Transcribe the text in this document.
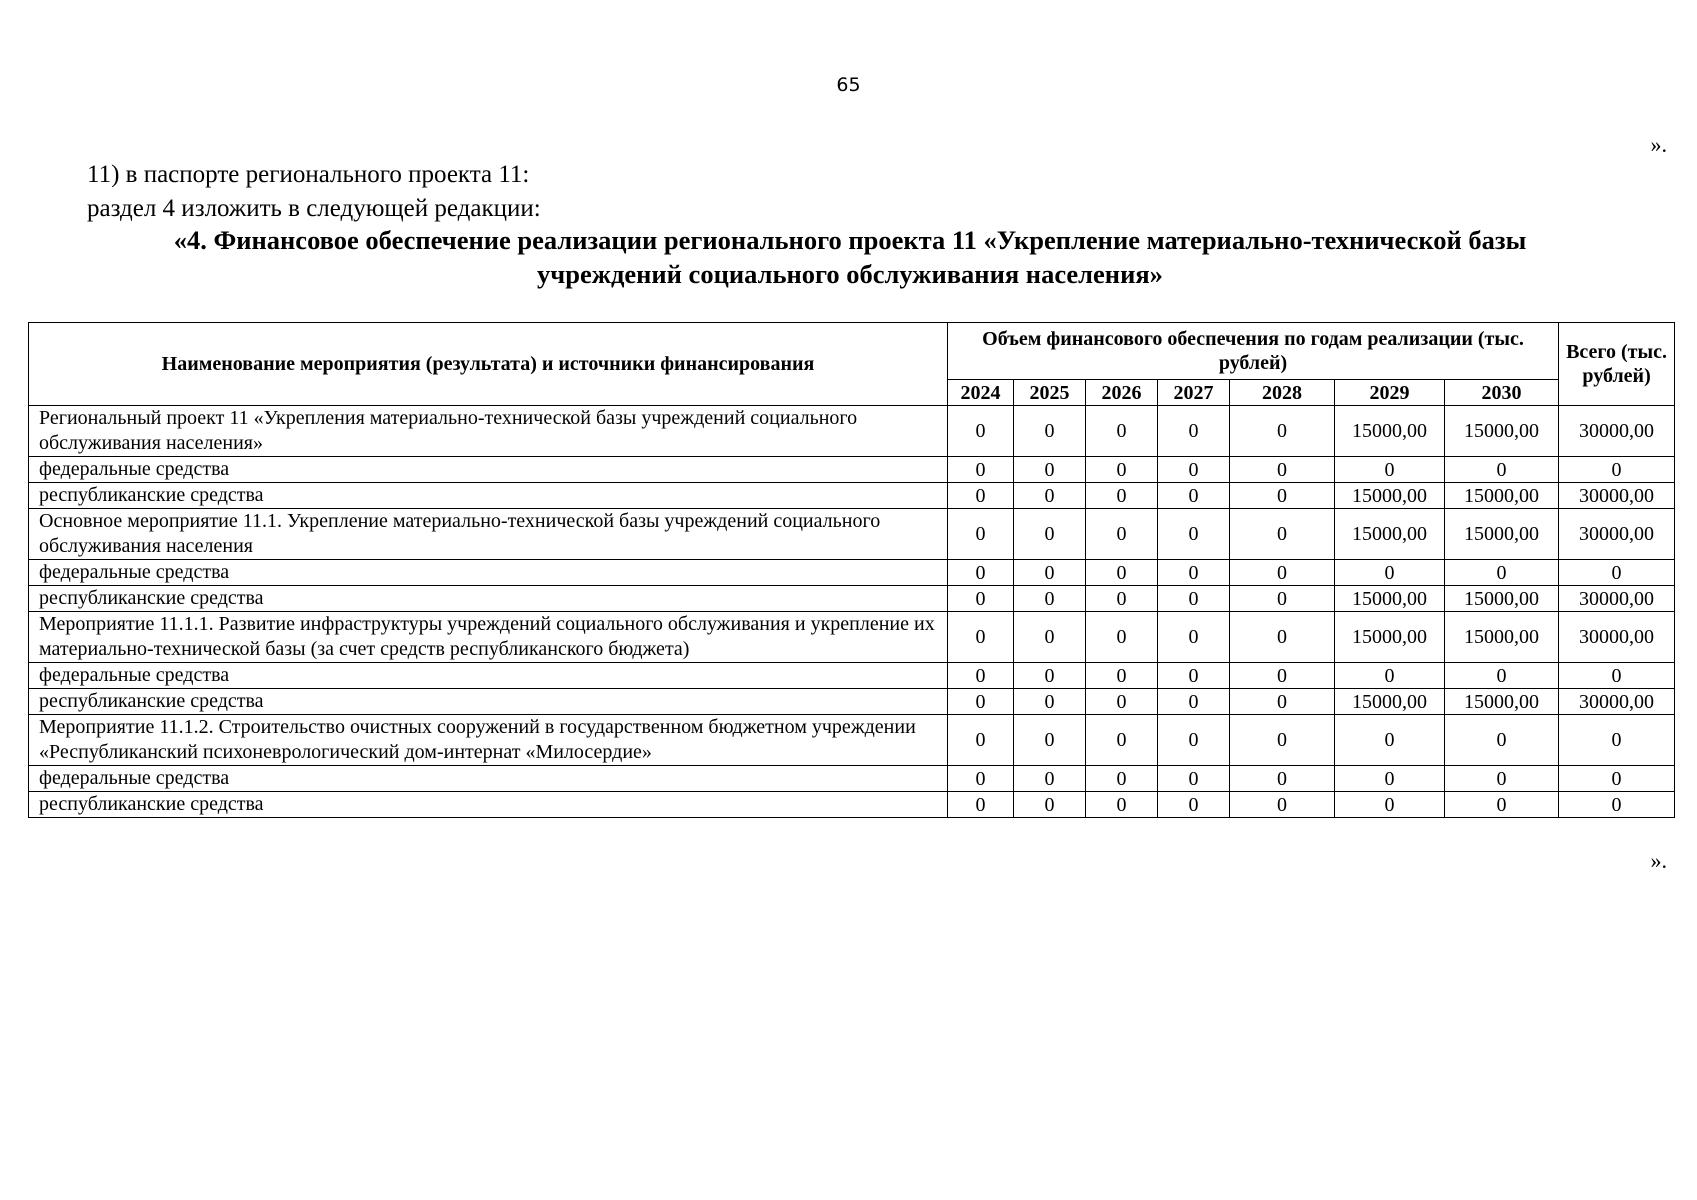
65
».
11) в паспорте регионального проекта 11:
раздел 4 изложить в следующей редакции:
«4. Финансовое обеспечение реализации регионального проекта 11 «Укрепление материально-технической базы
учреждений социального обслуживания населения»
Наименование мероприятия (результата) и источники финансирования	Объем финансового обеспечения по годам реализации (тыс. рублей)							Всего (тыс. рублей)
	2024	2025	2026	2027	2028	2029	2030	
Региональный проект 11 «Укрепления материально-технической базы учреждений социального обслуживания населения»	0	0	0	0	0	15000,00	15000,00	30000,00
федеральные средства	0	0	0	0	0	0	0	0
республиканские средства	0	0	0	0	0	15000,00	15000,00	30000,00
Основное мероприятие 11.1. Укрепление материально-технической базы учреждений социального обслуживания населения	0	0	0	0	0	15000,00	15000,00	30000,00
федеральные средства	0	0	0	0	0	0	0	0
республиканские средства	0	0	0	0	0	15000,00	15000,00	30000,00
Мероприятие 11.1.1. Развитие инфраструктуры учреждений социального обслуживания и укрепление их материально-технической базы (за счет средств республиканского бюджета)	0	0	0	0	0	15000,00	15000,00	30000,00
федеральные средства	0	0	0	0	0	0	0	0
республиканские средства	0	0	0	0	0	15000,00	15000,00	30000,00
Мероприятие 11.1.2. Строительство очистных сооружений в государственном бюджетном учреждении «Республиканский психоневрологический дом-интернат «Милосердие»	0	0	0	0	0	0	0	0
федеральные средства	0	0	0	0	0	0	0	0
республиканские средства	0	0	0	0	0	0	0	0
».
